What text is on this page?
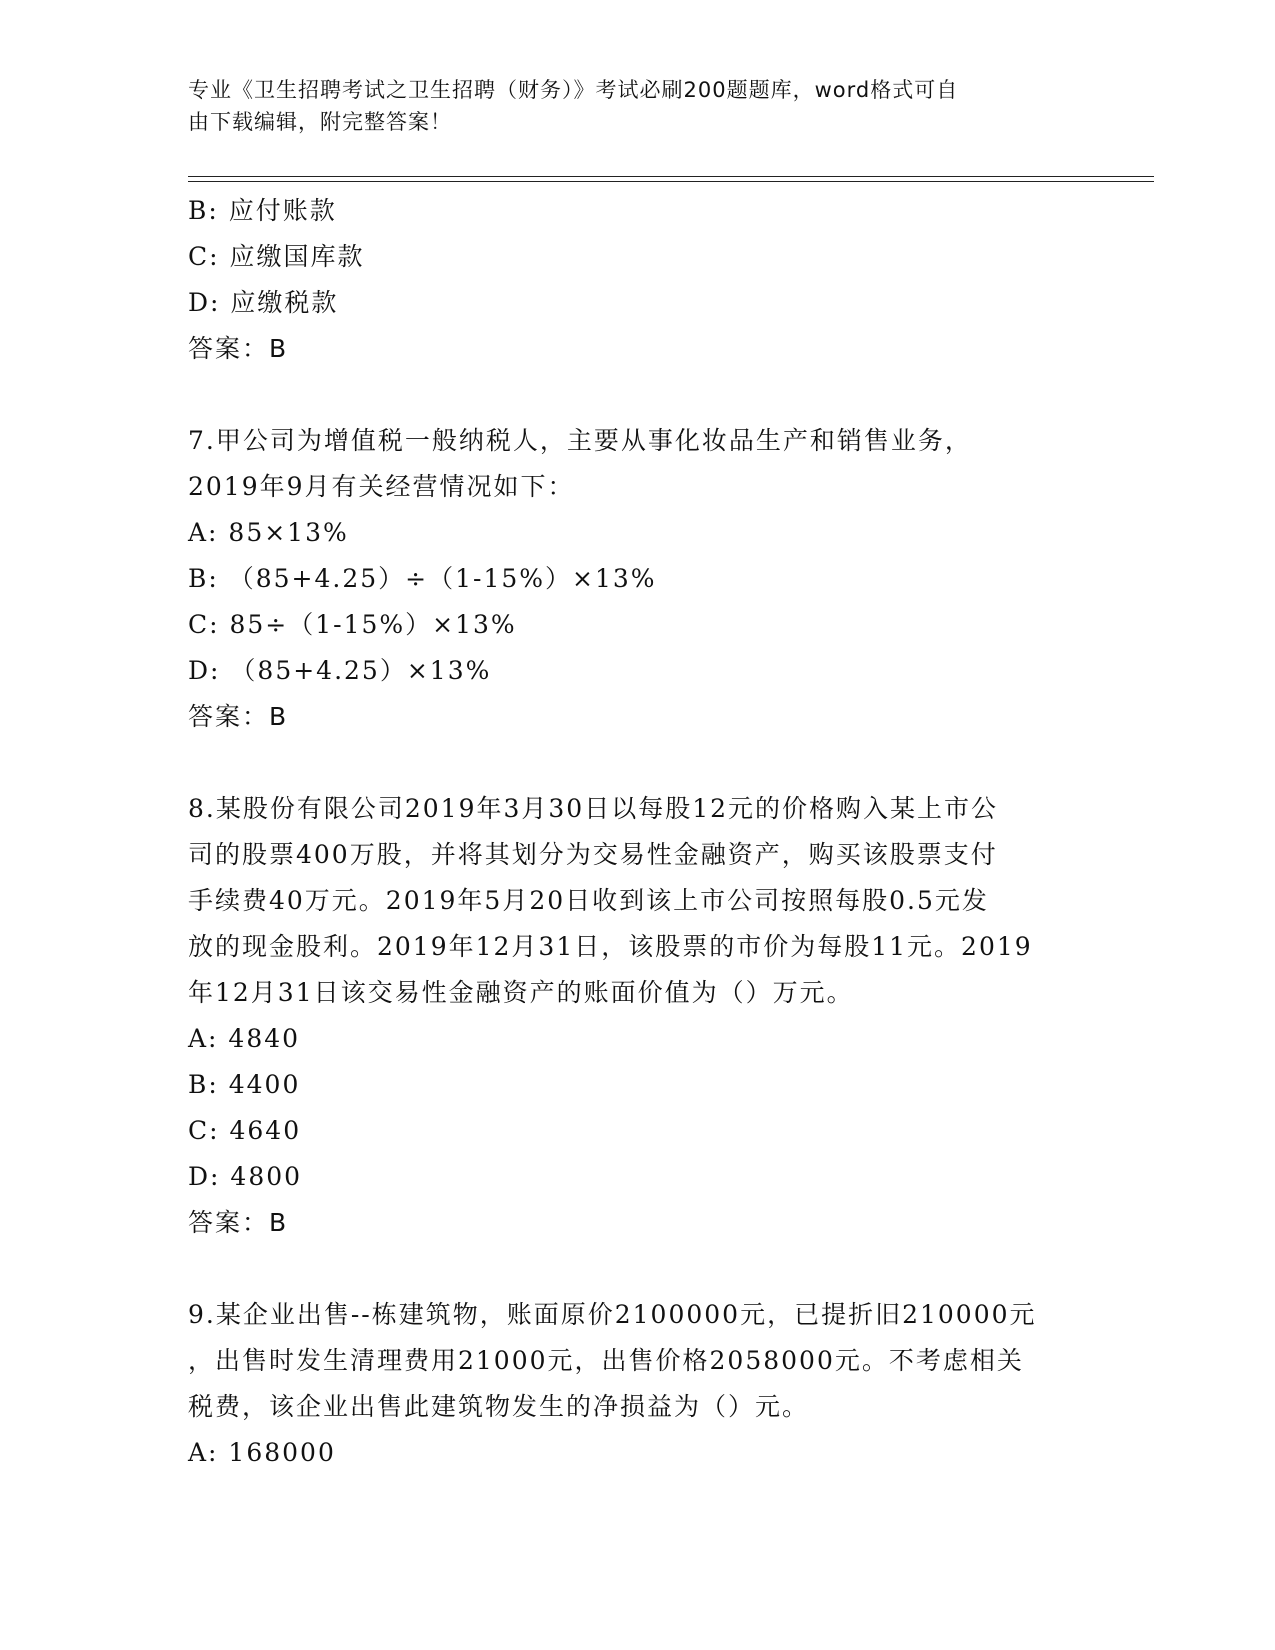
专业《卫生招聘考试之卫生招聘（财务）》考试必刷200题题库，word格式可自
由下载编辑，附完整答案！
B: 应付账款
C: 应缴国库款
D: 应缴税款
答案：B
7.甲公司为增值税一般纳税人，主要从事化妆品生产和销售业务，
2019年9月有关经营情况如下：
A: 85×13%
B: （85+4.25）÷（1-15%）×13%
C: 85÷（1-15%）×13%
D: （85+4.25）×13%
答案：B
8.某股份有限公司2019年3月30日以每股12元的价格购入某上市公
司的股票400万股，并将其划分为交易性金融资产，购买该股票支付
手续费40万元。2019年5月20日收到该上市公司按照每股0.5元发
放的现金股利。2019年12月31日，该股票的市价为每股11元。2019
年12月31日该交易性金融资产的账面价值为（）万元。
A: 4840
B: 4400
C: 4640
D: 4800
答案：B
9.某企业出售--栋建筑物，账面原价2100000元，已提折旧210000元
，出售时发生清理费用21000元，出售价格2058000元。不考虑相关
税费，该企业出售此建筑物发生的净损益为（）元。
A: 168000
